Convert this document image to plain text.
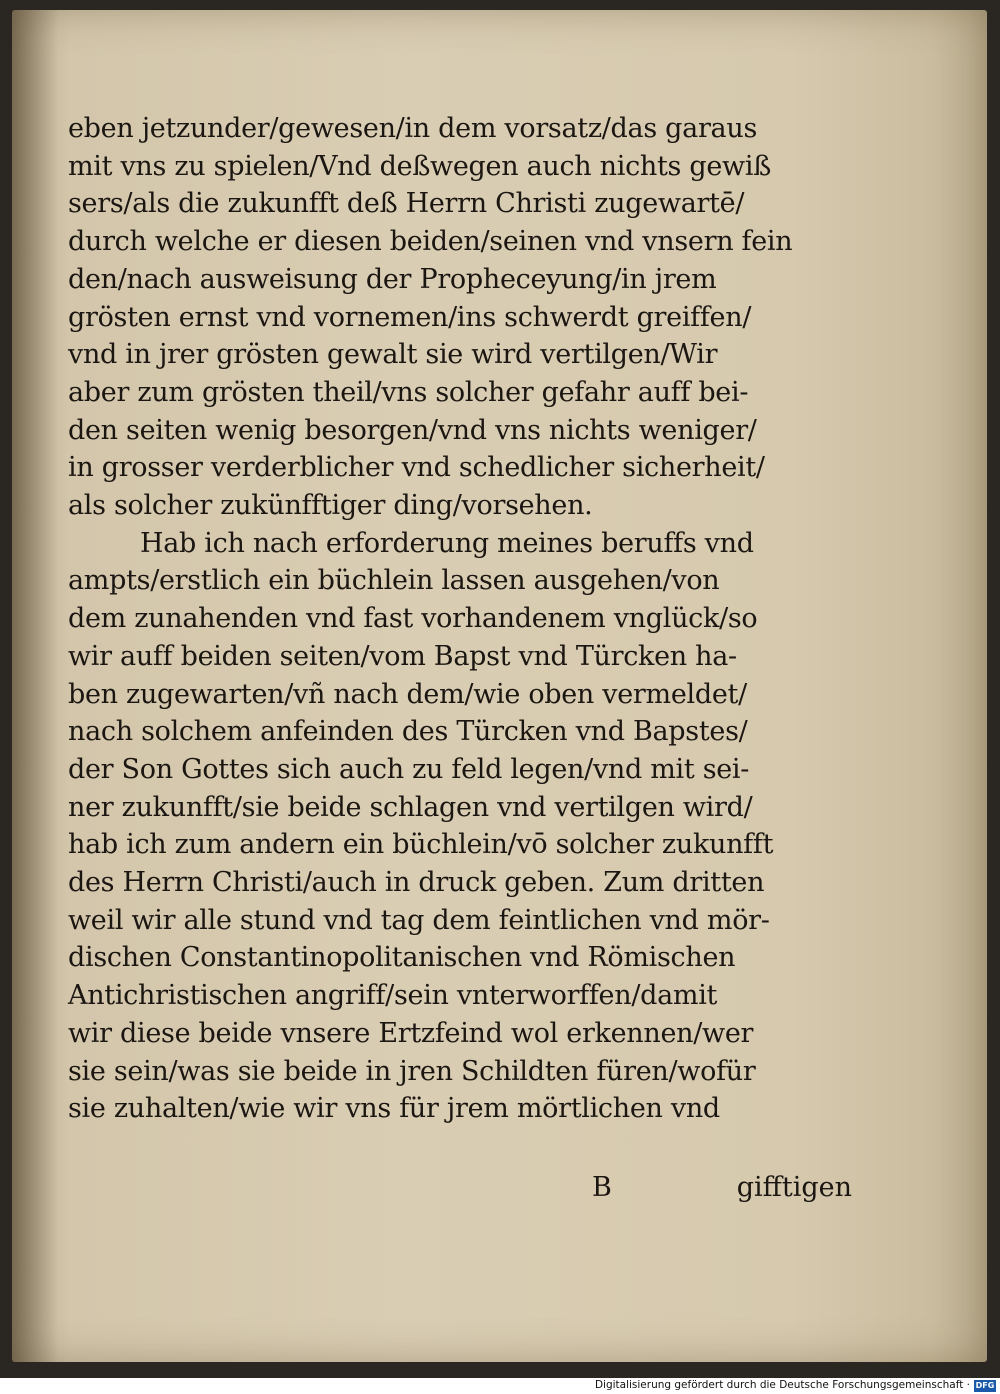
eben jetzunder/gewesen/in dem vorsatz/das garaus
mit vns zu spielen/Vnd deßwegen auch nichts gewiß
sers/als die zukunfft deß Herrn Christi zugewartē/
durch welche er diesen beiden/seinen vnd vnsern fein
den/nach ausweisung der Propheceyung/in jrem
grösten ernst vnd vornemen/ins schwerdt greiffen/
vnd in jrer grösten gewalt sie wird vertilgen/Wir
aber zum grösten theil/vns solcher gefahr auff bei-
den seiten wenig besorgen/vnd vns nichts weniger/
in grosser verderblicher vnd schedlicher sicherheit/
als solcher zukünfftiger ding/vorsehen.
Hab ich nach erforderung meines beruffs vnd
ampts/erstlich ein büchlein lassen ausgehen/von
dem zunahenden vnd fast vorhandenem vnglück/so
wir auff beiden seiten/vom Bapst vnd Türcken ha-
ben zugewarten/vñ nach dem/wie oben vermeldet/
nach solchem anfeinden des Türcken vnd Bapstes/
der Son Gottes sich auch zu feld legen/vnd mit sei-
ner zukunfft/sie beide schlagen vnd vertilgen wird/
hab ich zum andern ein büchlein/vō solcher zukunfft
des Herrn Christi/auch in druck geben. Zum dritten
weil wir alle stund vnd tag dem feintlichen vnd mör-
dischen Constantinopolitanischen vnd Römischen
Antichristischen angriff/sein vnterworffen/damit
wir diese beide vnsere Ertzfeind wol erkennen/wer
sie sein/was sie beide in jren Schildten füren/wofür
sie zuhalten/wie wir vns für jrem mörtlichen vnd
B	gifftigen
Digitalisierung gefördert durch die Deutsche Forschungsgemeinschaft · DFG
